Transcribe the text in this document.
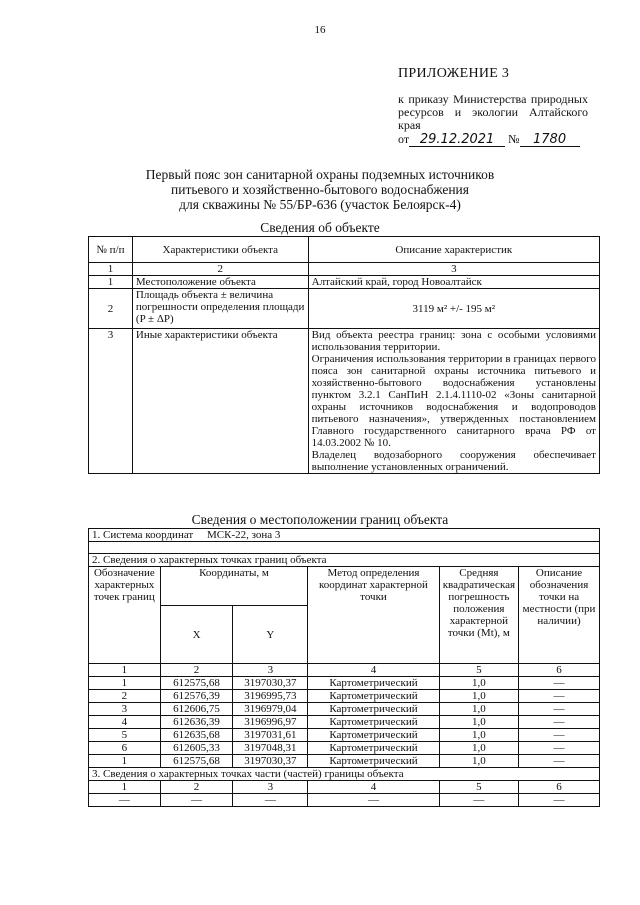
16
ПРИЛОЖЕНИЕ 3
к приказу Министерства природных ресурсов и экологии Алтайского края
от 29.12.2021 № 1780
Первый пояс зон санитарной охраны подземных источников
питьевого и хозяйственно-бытового водоснабжения
для скважины № 55/БР-636 (участок Белоярск-4)
Сведения об объекте
№ п/п	Характеристики объекта	Описание характеристик
1	2	3
1	Местоположение объекта	Алтайский край, город Новоалтайск
2	Площадь объекта ± величина погрешности определения площади (P ± ΔP)	3119 м² +/- 195 м²
3	Иные характеристики объекта	Вид объекта реестра границ: зона с особыми условиями использования территории.
Ограничения использования территории в границах первого пояса зон санитарной охраны источника питьевого и хозяйственно-бытового водоснабжения установлены пунктом 3.2.1 СанПиН 2.1.4.1110-02 «Зоны санитарной охраны источников водоснабжения и водопроводов питьевого назначения», утвержденных постановлением Главного государственного санитарного врача РФ от 14.03.2002 № 10.
Владелец водозаборного сооружения обеспечивает выполнение установленных ограничений.
Сведения о местоположении границ объекта
1. Система координат МСК-22, зона 3					

2. Сведения о характерных точках границ объекта					
Обозначение характерных точек границ	Координаты, м		Метод определения координат характерной точки	Средняя квадратическая погрешность положения характерной точки (Mt), м	Описание обозначения точки на местности (при наличии)
	X	Y			
1	2	3	4	5	6
1	612575,68	3197030,37	Картометрический	1,0	—
2	612576,39	3196995,73	Картометрический	1,0	—
3	612606,75	3196979,04	Картометрический	1,0	—
4	612636,39	3196996,97	Картометрический	1,0	—
5	612635,68	3197031,61	Картометрический	1,0	—
6	612605,33	3197048,31	Картометрический	1,0	—
1	612575,68	3197030,37	Картометрический	1,0	—
3. Сведения о характерных точках части (частей) границы объекта					
1	2	3	4	5	6
—	—	—	—	—	—
